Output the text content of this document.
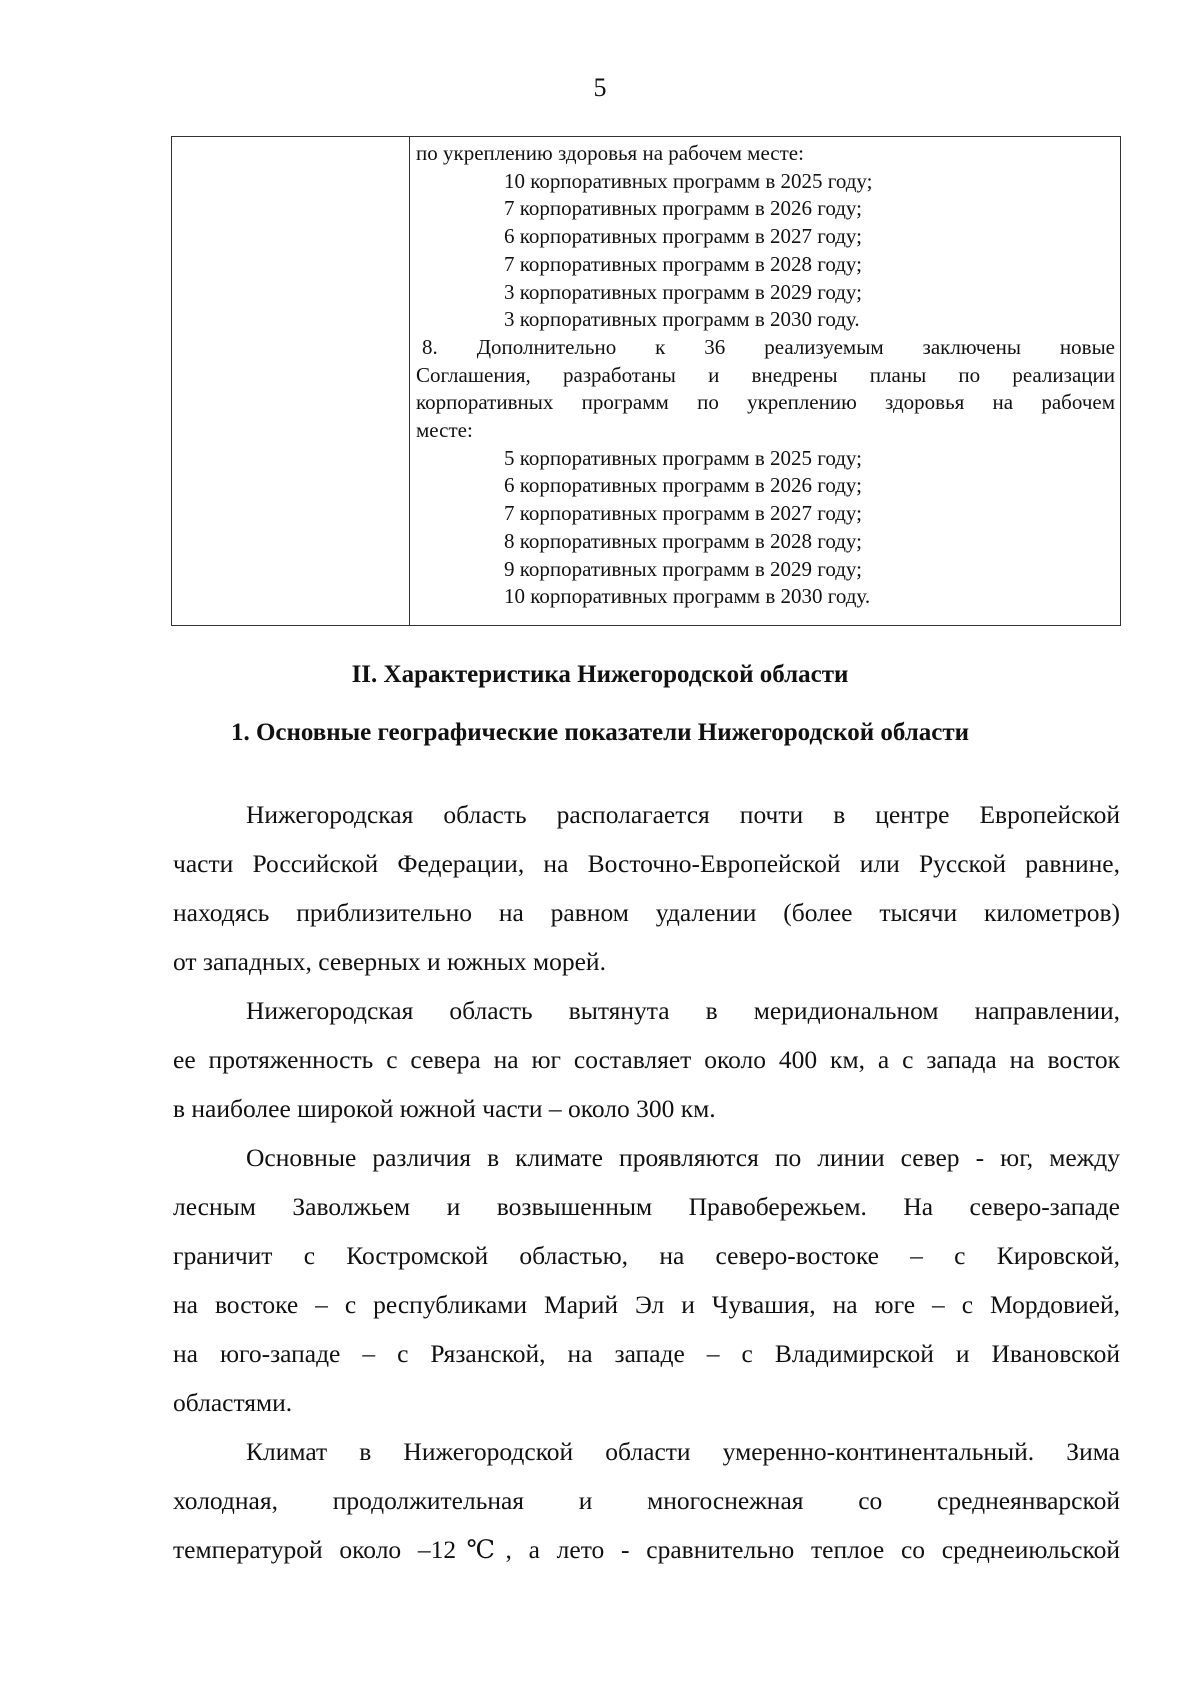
5

по укреплению здоровья на рабочем месте:
10 корпоративных программ в 2025 году;
7 корпоративных программ в 2026 году;
6 корпоративных программ в 2027 году;
7 корпоративных программ в 2028 году;
3 корпоративных программ в 2029 году;
3 корпоративных программ в 2030 году.
8. Дополнительно к 36 реализуемым заключены новые
Соглашения, разработаны и внедрены планы по реализации
корпоративных программ по укреплению здоровья на рабочем
месте:
5 корпоративных программ в 2025 году;
6 корпоративных программ в 2026 году;
7 корпоративных программ в 2027 году;
8 корпоративных программ в 2028 году;
9 корпоративных программ в 2029 году;
10 корпоративных программ в 2030 году.
II. Характеристика Нижегородской области
1. Основные географические показатели Нижегородской области

Нижегородская область располагается почти в центре Европейской
части Российской Федерации, на Восточно-Европейской или Русской равнине,
находясь приблизительно на равном удалении (более тысячи километров)
от западных, северных и южных морей.

Нижегородская область вытянута в меридиональном направлении,
ее протяженность с севера на юг составляет около 400 км, а с запада на восток
в наиболее широкой южной части – около 300 км.

Основные различия в климате проявляются по линии север - юг, между
лесным Заволжьем и возвышенным Правобережьем. На северо-западе
граничит с Костромской областью, на северо-востоке – с Кировской,
на востоке – с республиками Марий Эл и Чувашия, на юге – с Мордовией,
на юго-западе – с Рязанской, на западе – с Владимирской и Ивановской
областями.

Климат в Нижегородской области умеренно-континентальный. Зима
холодная, продолжительная и многоснежная со среднеянварской
температурой около –12℃, а лето - сравнительно теплое со среднеиюльской
